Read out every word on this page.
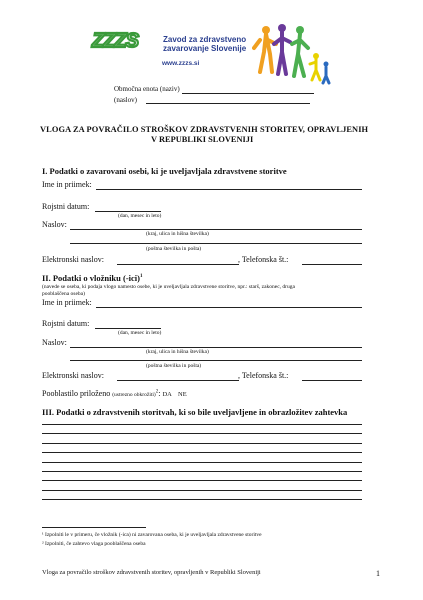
ZZZS	Zavod za zdravstveno
zavarovanje Slovenije
www.zzzs.si
Območna enota (naziv)
(naslov)
VLOGA ZA POVRAČILO STROŠKOV ZDRAVSTVENIH STORITEV, OPRAVLJENIH
V REPUBLIKI SLOVENIJI
I. Podatki o zavarovani osebi, ki je uveljavljala zdravstvene storitve
Ime in priimek:
Rojstni datum:
(dan, mesec in leto)
Naslov:
(kraj, ulica in hišna številka)
(poštna številka in pošta)
Elektronski naslov:	, Telefonska št.:
II. Podatki o vložniku $(-ici)^1$
(navede se oseba, ki podaja vlogo namesto osebe, ki je uveljavljala zdravstvene storitve, npr.: starš, zakonec, druga
pooblaščena oseba)
Ime in priimek:
Rojstni datum:
(dan, mesec in leto)
Naslov:
(kraj, ulica in hišna številka)
(poštna številka in pošta)
Elektronski naslov:	, Telefonska št.:
Pooblastilo priloženo (ustrezno obkrožiti)$^2$: DA    NE
III. Podatki o zdravstvenih storitvah, ki so bile uveljavljene in obrazložitev zahtevka
¹ Izpolniti le v primeru, če vložnik (-ica) ni zavarovana oseba, ki je uveljavljala zdravstvene storitve
² Izpolniti, če zahtevo vlaga pooblaščena oseba
Vloga za povračilo stroškov zdravstvenih storitev, opravljenih v Republiki Sloveniji	1
